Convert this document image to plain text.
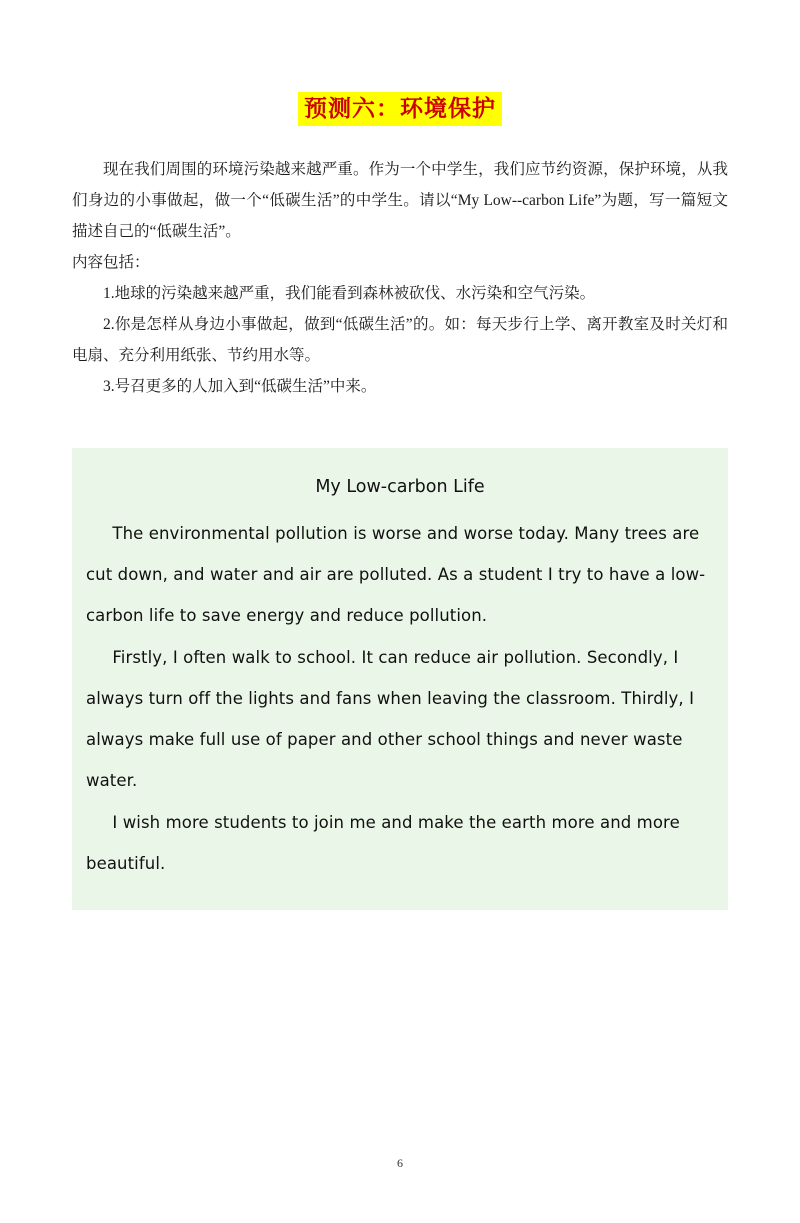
预测六：环境保护

现在我们周围的环境污染越来越严重。作为一个中学生，我们应节约资源，保护环境，从我们身边的小事做起，做一个“低碳生活”的中学生。请以“My Low--carbon Life”为题，写一篇短文描述自己的“低碳生活”。

内容包括：

1.地球的污染越来越严重，我们能看到森林被砍伐、水污染和空气污染。

2.你是怎样从身边小事做起，做到“低碳生活”的。如：每天步行上学、离开教室及时关灯和电扇、充分利用纸张、节约用水等。

3.号召更多的人加入到“低碳生活”中来。

My Low-carbon Life

The environmental pollution is worse and worse today. Many trees are cut down, and water and air are polluted. As a student I try to have a low-carbon life to save energy and reduce pollution.

Firstly, I often walk to school. It can reduce air pollution. Secondly, I always turn off the lights and fans when leaving the classroom. Thirdly, I always make full use of paper and other school things and never waste water.

I wish more students to join me and make the earth more and more beautiful.

6
